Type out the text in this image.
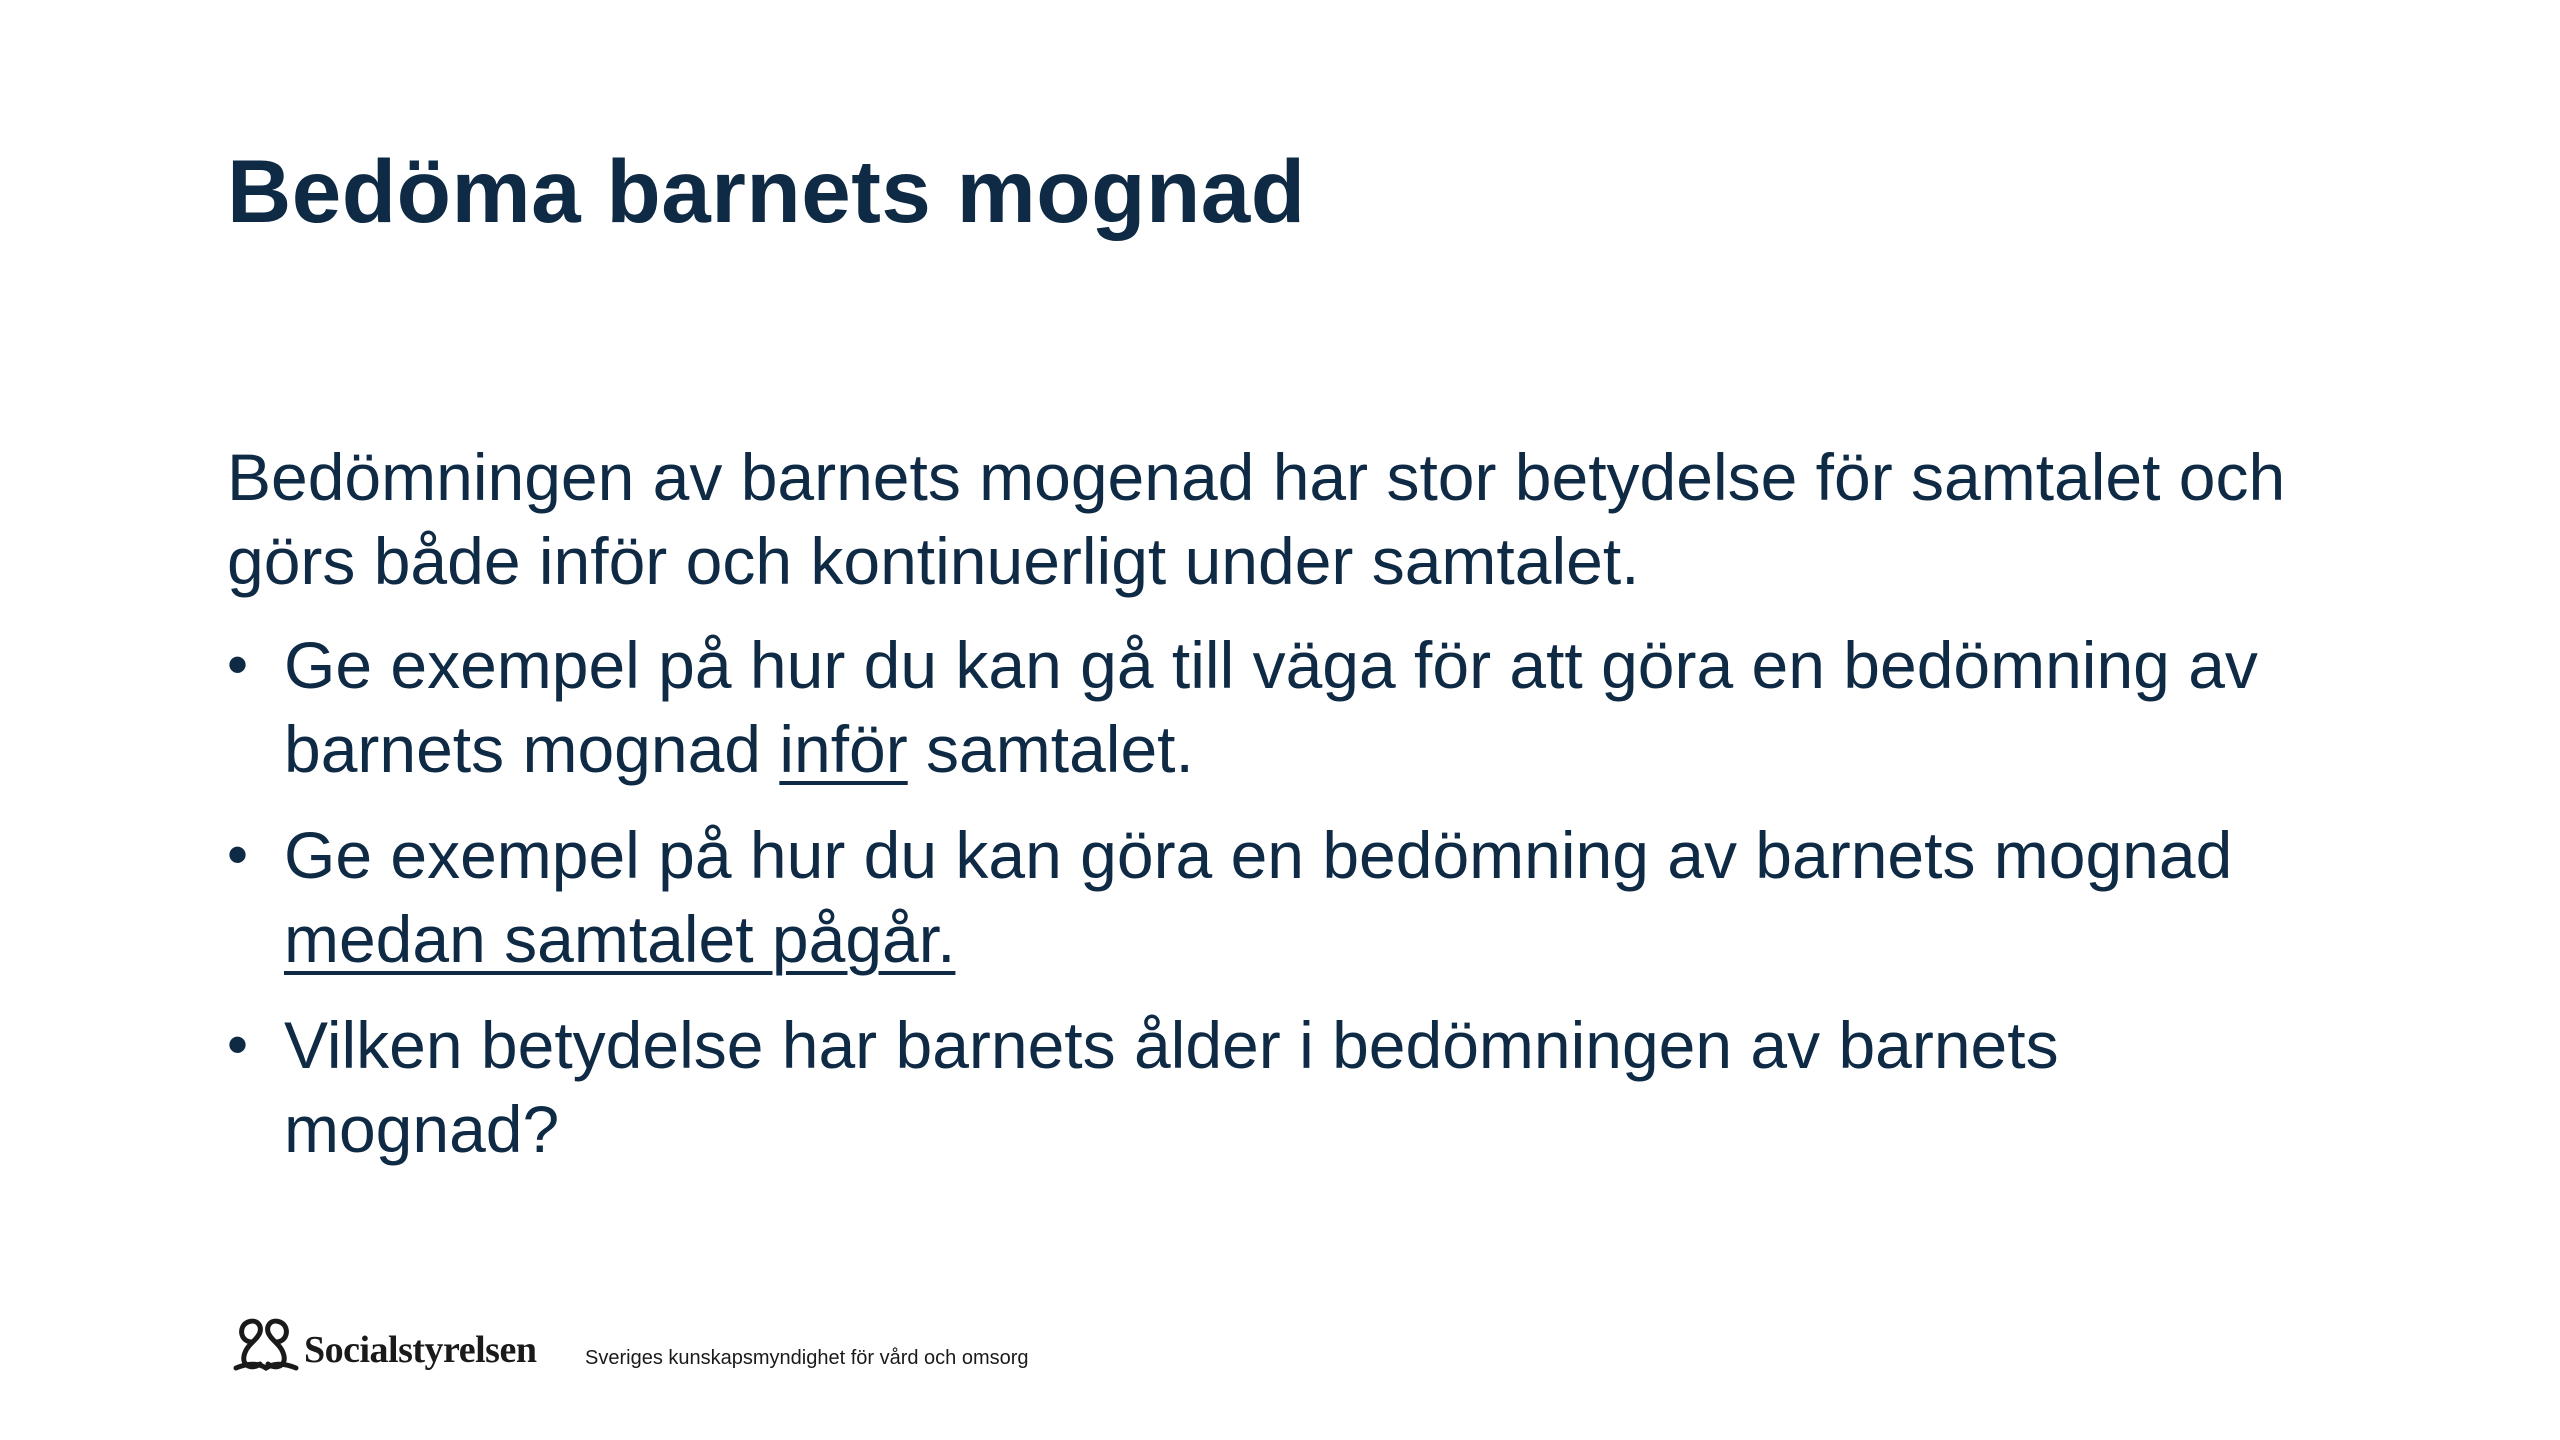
Bedöma barnets mognad

Bedömningen av barnets mogenad har stor betydelse för samtalet och görs både inför och kontinuerligt under samtalet.

• Ge exempel på hur du kan gå till väga för att göra en bedömning av barnets mognad inför samtalet.
• Ge exempel på hur du kan göra en bedömning av barnets mognad medan samtalet pågår.
• Vilken betydelse har barnets ålder i bedömningen av barnets mognad?
Socialstyrelsen Sveriges kunskapsmyndighet för vård och omsorg
